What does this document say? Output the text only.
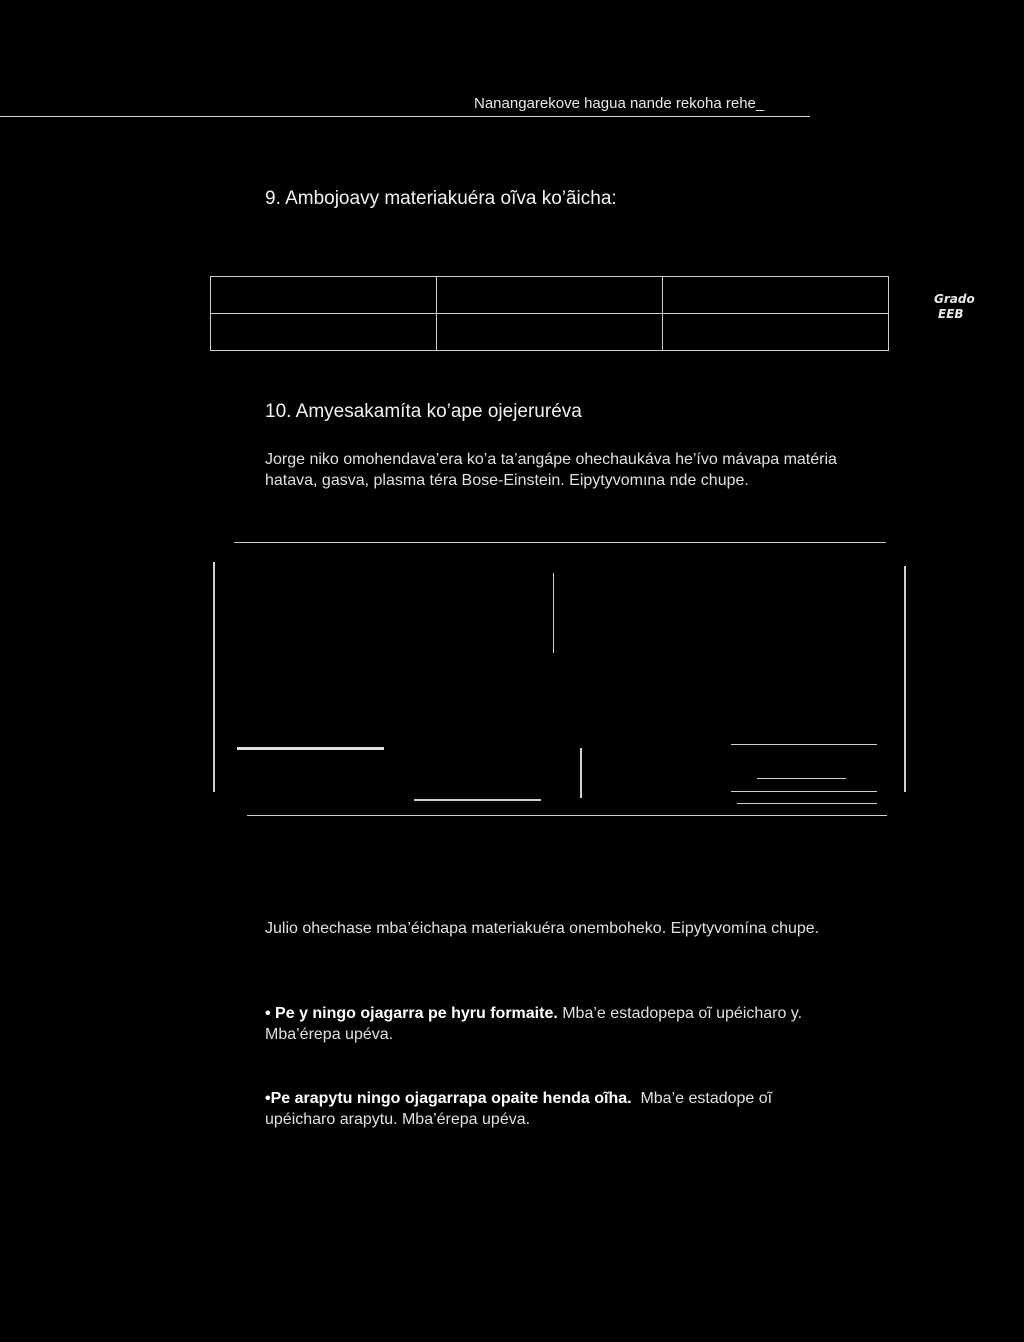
Nanangarekove hagua nande rekoha rehe_
9. Ambojoavy materiakuéra oĩva ko’ãicha:

Grado
EEB
10. Amyesakamíta ko’ape ojejeruréva
Jorge niko omohendava’era ko’a ta’angápe ohechaukáva he’ívo mávapa matéria
hatava, gasva, plasma téra Bose-Einstein. Eipytyvomına nde chupe.
Julio ohechase mba’éichapa materiakuéra onemboheko. Eipytyvomína chupe.
• Pe y ningo ojagarra pe hyru formaite. Mba’e estadopepa oĩ upéicharo y.
Mba’érepa upéva.
•Pe arapytu ningo ojagarrapa opaite henda oĩha.  Mba’e estadope oĩ
upéicharo arapytu. Mba’érepa upéva.
